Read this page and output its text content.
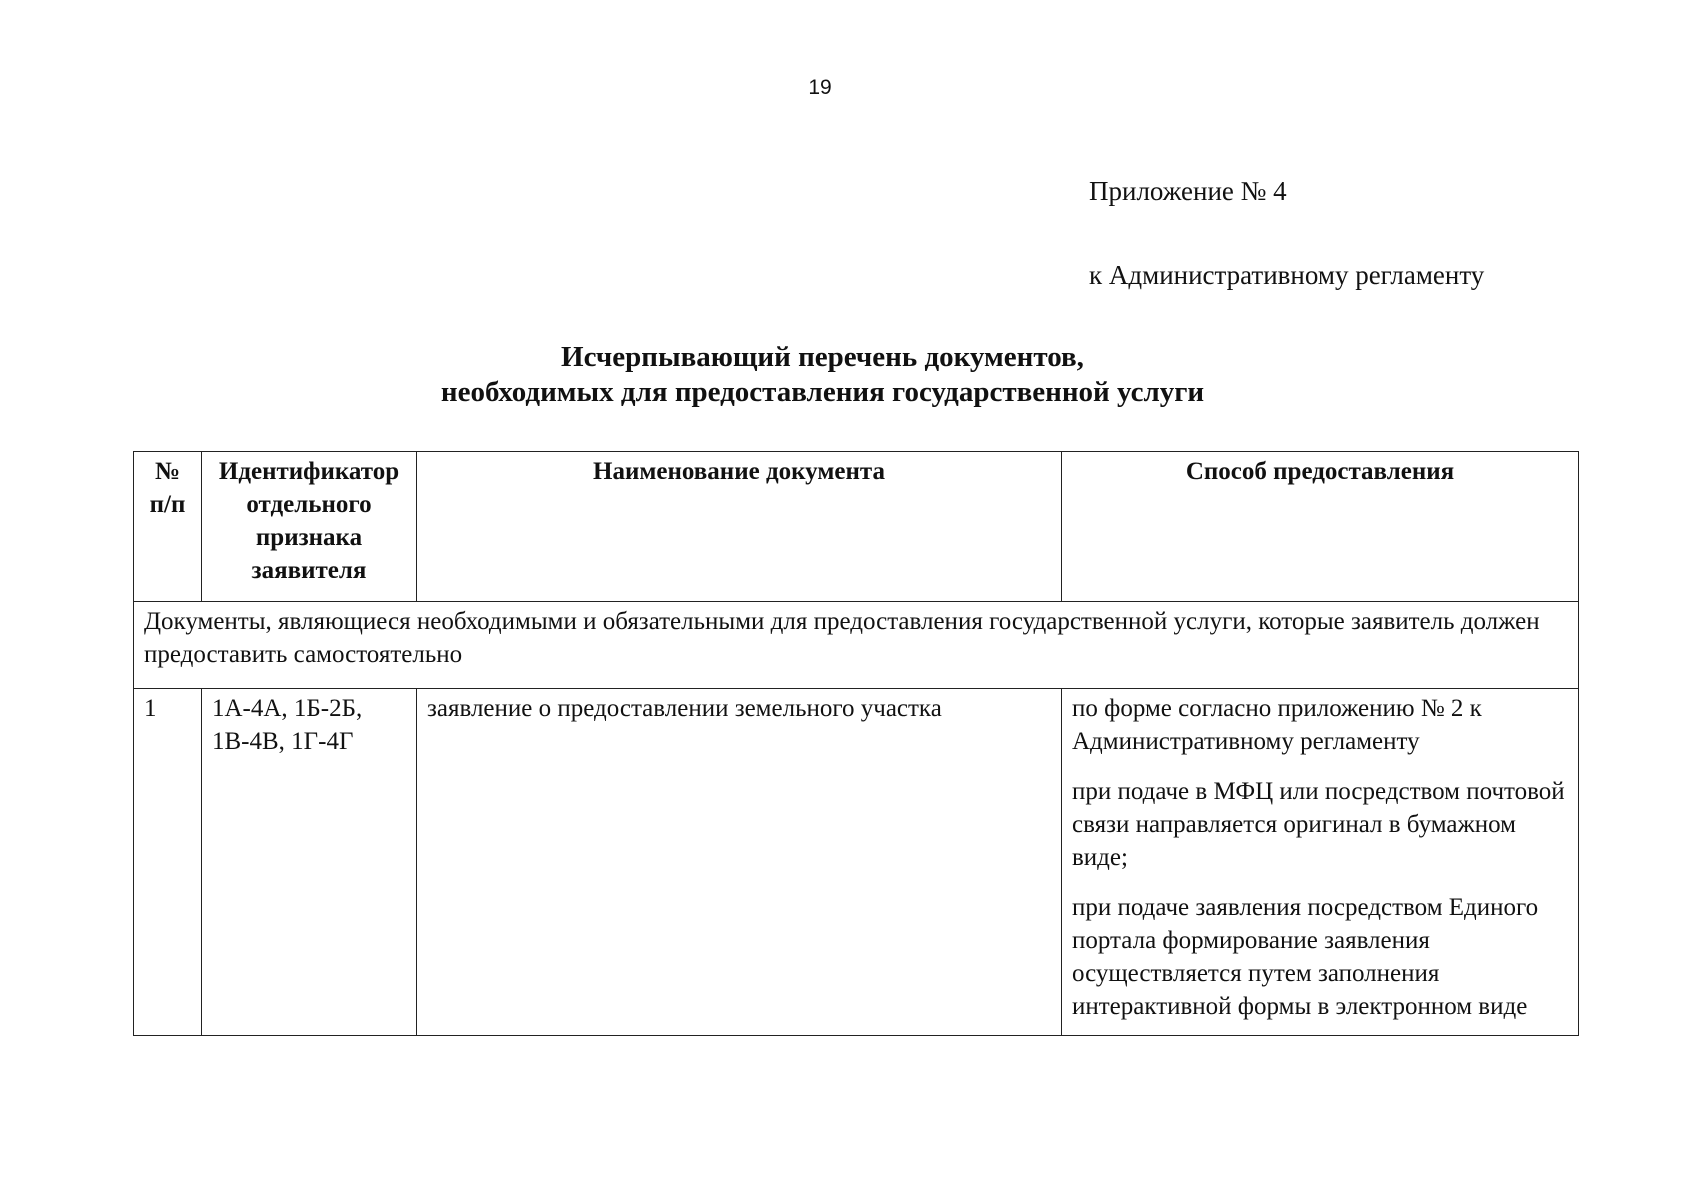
19
Приложение № 4
к Административному регламенту
Исчерпывающий перечень документов,
необходимых для предоставления государственной услуги
№ п/п	Идентификатор отдельного признака заявителя	Наименование документа	Способ предоставления
Документы, являющиеся необходимыми и обязательными для предоставления государственной услуги, которые заявитель должен предоставить самостоятельно			
1	1А-4А, 1Б-2Б, 1В-4В, 1Г-4Г	заявление о предоставлении земельного участка	по форме согласно приложению № 2 к Административному регламенту

при подаче в МФЦ или посредством почтовой связи направляется оригинал в бумажном виде;

при подаче заявления посредством Единого портала формирование заявления осуществляется путем заполнения интерактивной формы в электронном виде
